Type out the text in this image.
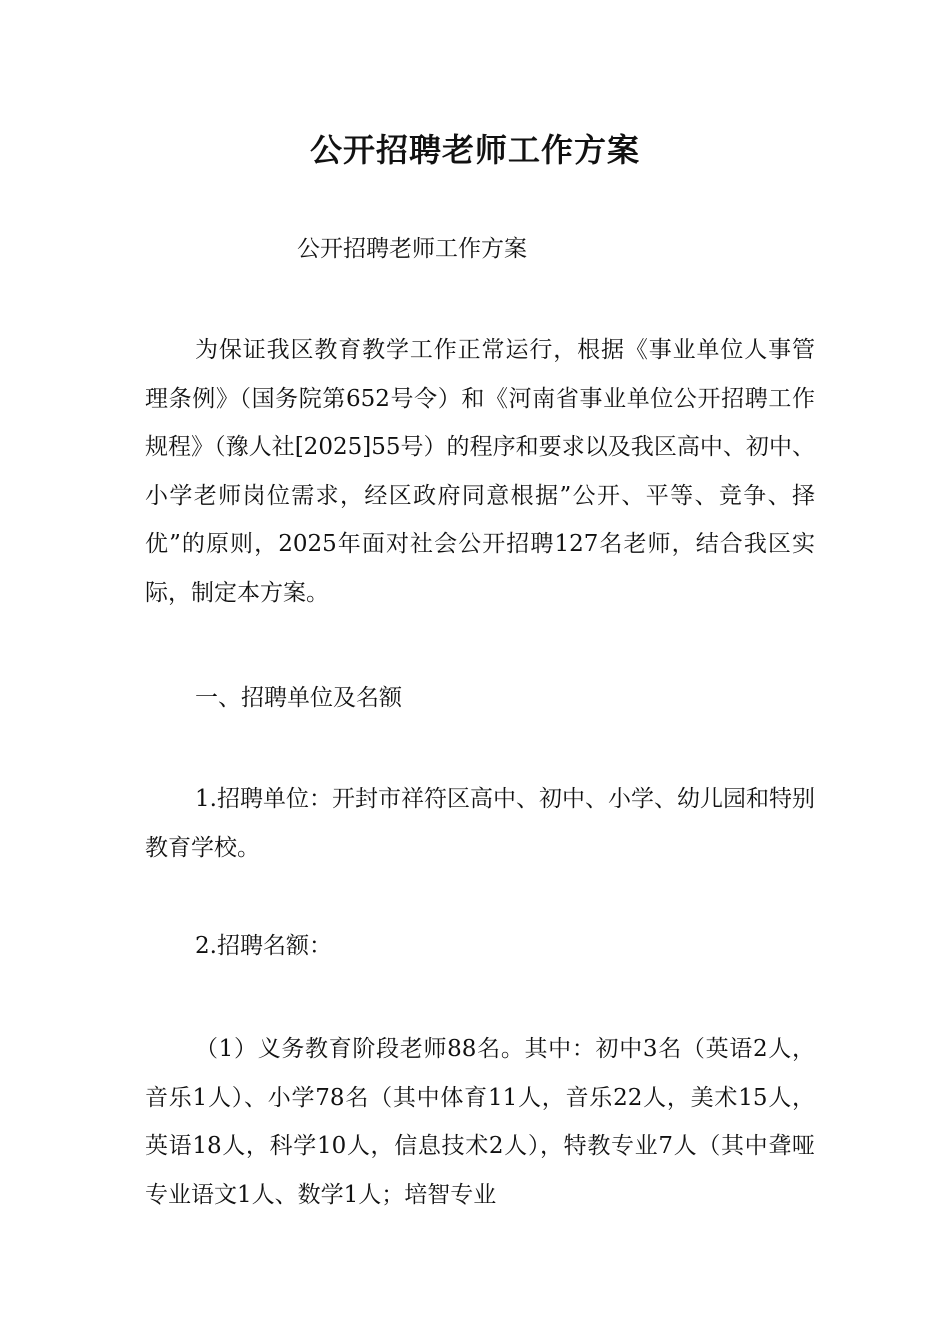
公开招聘老师工作方案

公开招聘老师工作方案

为保证我区教育教学工作正常运行，根据《事业单位人事管理条例》（国务院第652号令）和《河南省事业单位公开招聘工作规程》（豫人社[2025]55号）的程序和要求以及我区高中、初中、小学老师岗位需求，经区政府同意根据”公开、平等、竞争、择优”的原则，2025年面对社会公开招聘127名老师，结合我区实际，制定本方案。

一、招聘单位及名额

1.招聘单位：开封市祥符区高中、初中、小学、幼儿园和特别教育学校。

2.招聘名额：

（1）义务教育阶段老师88名。其中：初中3名（英语2人，音乐1人）、小学78名（其中体育11人，音乐22人，美术15人，英语18人，科学10人，信息技术2人），特教专业7人（其中聋哑专业语文1人、数学1人；培智专业
